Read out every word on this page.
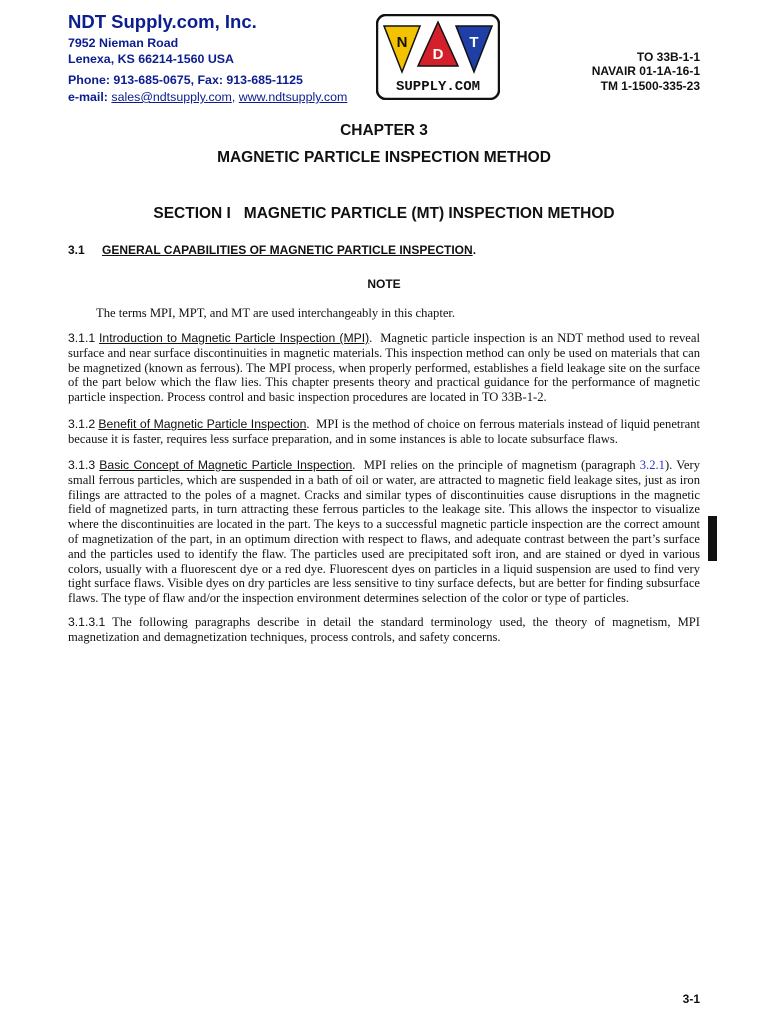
NDT Supply.com, Inc.
7952 Nieman Road
Lenexa, KS 66214-1560 USA
Phone: 913-685-0675, Fax: 913-685-1125
e-mail: sales@ndtsupply.com, www.ndtsupply.com
N
D
T
SUPPLY.COM
TO 33B-1-1
NAVAIR 01-1A-16-1
TM 1-1500-335-23
CHAPTER 3
MAGNETIC PARTICLE INSPECTION METHOD
SECTION I   MAGNETIC PARTICLE (MT) INSPECTION METHOD
3.1 GENERAL CAPABILITIES OF MAGNETIC PARTICLE INSPECTION.
NOTE

The terms MPI, MPT, and MT are used interchangeably in this chapter.

3.1.1 Introduction to Magnetic Particle Inspection (MPI).  Magnetic particle inspection is an NDT method used to reveal surface and near surface discontinuities in magnetic materials. This inspection method can only be used on materials that can be magnetized (known as ferrous). The MPI process, when properly performed, establishes a field leakage site on the surface of the part below which the flaw lies. This chapter presents theory and practical guidance for the performance of magnetic particle inspection. Process control and basic inspection procedures are located in TO 33B-1-2.

3.1.2 Benefit of Magnetic Particle Inspection.  MPI is the method of choice on ferrous materials instead of liquid penetrant because it is faster, requires less surface preparation, and in some instances is able to locate subsurface flaws.

3.1.3 Basic Concept of Magnetic Particle Inspection.  MPI relies on the principle of magnetism (paragraph 3.2.1). Very small ferrous particles, which are suspended in a bath of oil or water, are attracted to magnetic field leakage sites, just as iron filings are attracted to the poles of a magnet. Cracks and similar types of discontinuities cause disruptions in the magnetic field of magnetized parts, in turn attracting these ferrous particles to the leakage site. This allows the inspector to visualize where the discontinuities are located in the part. The keys to a successful magnetic particle inspection are the correct amount of magnetization of the part, in an optimum direction with respect to flaws, and adequate contrast between the part’s surface and the particles used to identify the flaw. The particles used are precipitated soft iron, and are stained or dyed in various colors, usually with a fluorescent dye or a red dye. Fluorescent dyes on particles in a liquid suspension are used to find very tight surface flaws. Visible dyes on dry particles are less sensitive to tiny surface defects, but are better for finding subsurface flaws. The type of flaw and/or the inspection environment determines selection of the color or type of particles.

3.1.3.1 The following paragraphs describe in detail the standard terminology used, the theory of magnetism, MPI magnetization and demagnetization techniques, process controls, and safety concerns.

3-1
